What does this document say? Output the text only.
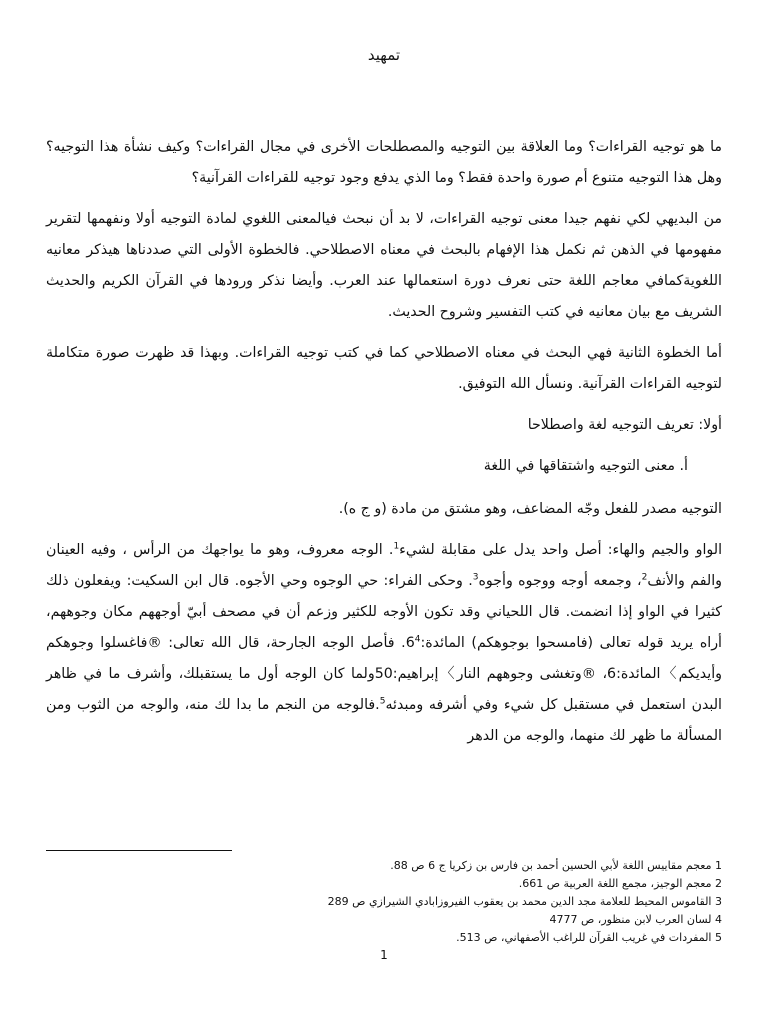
تمهيد

ما هو توجيه القراءات؟ وما العلاقة بين التوجيه والمصطلحات الأخرى في مجال القراءات؟ وكيف نشأة هذا التوجيه؟ وهل هذا التوجيه متنوع أم صورة واحدة فقط؟ وما الذي يدفع وجود توجيه للقراءات القرآنية؟

من البديهي لكي نفهم جيدا معنى توجيه القراءات، لا بد أن نبحث فيالمعنى اللغوي لمادة التوجيه أولا ونفهمها لتقرير مفهومها في الذهن ثم نكمل هذا الإفهام بالبحث في معناه الاصطلاحي. فالخطوة الأولى التي صددناها هيذكر معانيه اللغويةكمافي معاجم اللغة حتى نعرف دورة استعمالها عند العرب. وأيضا نذكر ورودها في القرآن الكريم والحديث الشريف مع بيان معانيه في كتب التفسير وشروح الحديث.

أما الخطوة الثانية فهي البحث في معناه الاصطلاحي كما في كتب توجيه القراءات. وبهذا قد ظهرت صورة متكاملة لتوجيه القراءات القرآنية. ونسأل الله التوفيق.

أولا: تعريف التوجيه لغة واصطلاحا

أ. معنى التوجيه واشتقاقها في اللغة

التوجيه مصدر للفعل وجّه المضاعف، وهو مشتق من مادة (و ج ه).

الواو والجيم والهاء: أصل واحد يدل على مقابلة لشيء$^1$. الوجه معروف، وهو ما يواجهك من الرأس ، وفيه العينان والفم والأنف$^2$، وجمعه أوجه ووجوه وأجوه$^3$. وحكى الفراء: حي الوجوه وحي الأجوه. قال ابن السكيت: ويفعلون ذلك كثيرا في الواو إذا انضمت. قال اللحياني وقد تكون الأوجه للكثير وزعم أن في مصحف أبيّ أوجههم مكان وجوههم، أراه يريد قوله تعالى (فامسحوا بوجوهكم) $المائدة:6^4$. فأصل الوجه الجارحة، قال الله تعالى: ®فاغسلوا وجوهكم وأيديكم〉المائدة:6، ®وتغشى وجوههم النار〉إبراهيم:50ولما كان الوجه أول ما يستقبلك، وأشرف ما في ظاهر البدن استعمل في مستقبل كل شيء وفي أشرفه ومبدئه$^5$.فالوجه من النجم ما بدا لك منه، والوجه من الثوب ومن المسألة ما ظهر لك منهما، والوجه من الدهر

1 معجم مقاييس اللغة لأبي الحسين أحمد بن فارس بن زكريا ج 6 ص 88.
2 معجم الوجيز، مجمع اللغة العربية ص 661.
3 القاموس المحيط للعلامة مجد الدين محمد بن يعقوب الفيروزابادي الشيرازي ص 289
4 لسان العرب لابن منظور، ص 4777
5 المفردات في غريب القرآن للراغب الأصفهاني، ص 513.
1
